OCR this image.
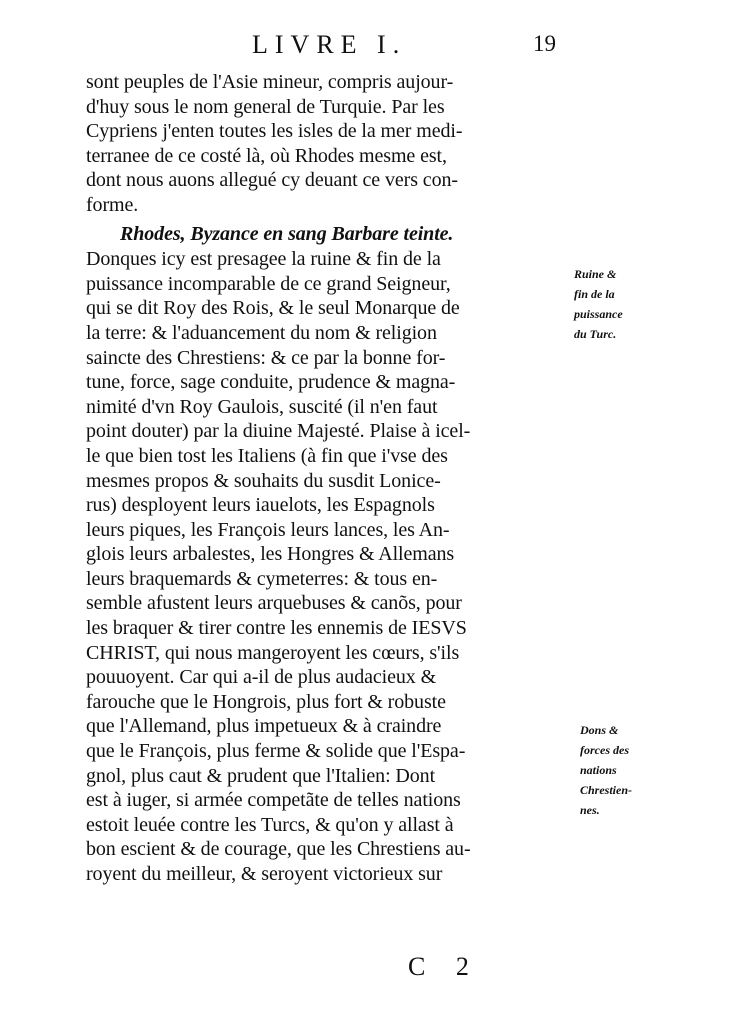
LIVRE I.	19
sont peuples de l'Asie mineur, compris aujour-
d'huy sous le nom general de Turquie. Par les
Cypriens j'enten toutes les isles de la mer medi-
terranee de ce costé là, où Rhodes mesme est,
dont nous auons allegué cy deuant ce vers con-
forme.
Rhodes, Byzance en sang Barbare teinte.
Donques icy est presagee la ruine & fin de la
puissance incomparable de ce grand Seigneur,
qui se dit Roy des Rois, & le seul Monarque de
la terre: & l'aduancement du nom & religion
saincte des Chrestiens: & ce par la bonne for-
tune, force, sage conduite, prudence & magna-
nimité d'vn Roy Gaulois, suscité (il n'en faut
point douter) par la diuine Majesté. Plaise à icel-
le que bien tost les Italiens (à fin que i'vse des
mesmes propos & souhaits du susdit Lonice-
rus) desployent leurs iauelots, les Espagnols
leurs piques, les François leurs lances, les An-
glois leurs arbalestes, les Hongres & Allemans
leurs braquemards & cymeterres: & tous en-
semble afustent leurs arquebuses & canõs, pour
les braquer & tirer contre les ennemis de IESVS
CHRIST, qui nous mangeroyent les cœurs, s'ils
pouuoyent. Car qui a-il de plus audacieux &
farouche que le Hongrois, plus fort & robuste
que l'Allemand, plus impetueux & à craindre
que le François, plus ferme & solide que l'Espa-
gnol, plus caut & prudent que l'Italien: Dont
est à iuger, si armée competãte de telles nations
estoit leuée contre les Turcs, & qu'on y allast à
bon escient & de courage, que les Chrestiens au-
royent du meilleur, & seroyent victorieux sur
Ruine &
fin de la
puissance
du Turc.
Dons &
forces des
nations
Chrestien-
nes.
C 2
